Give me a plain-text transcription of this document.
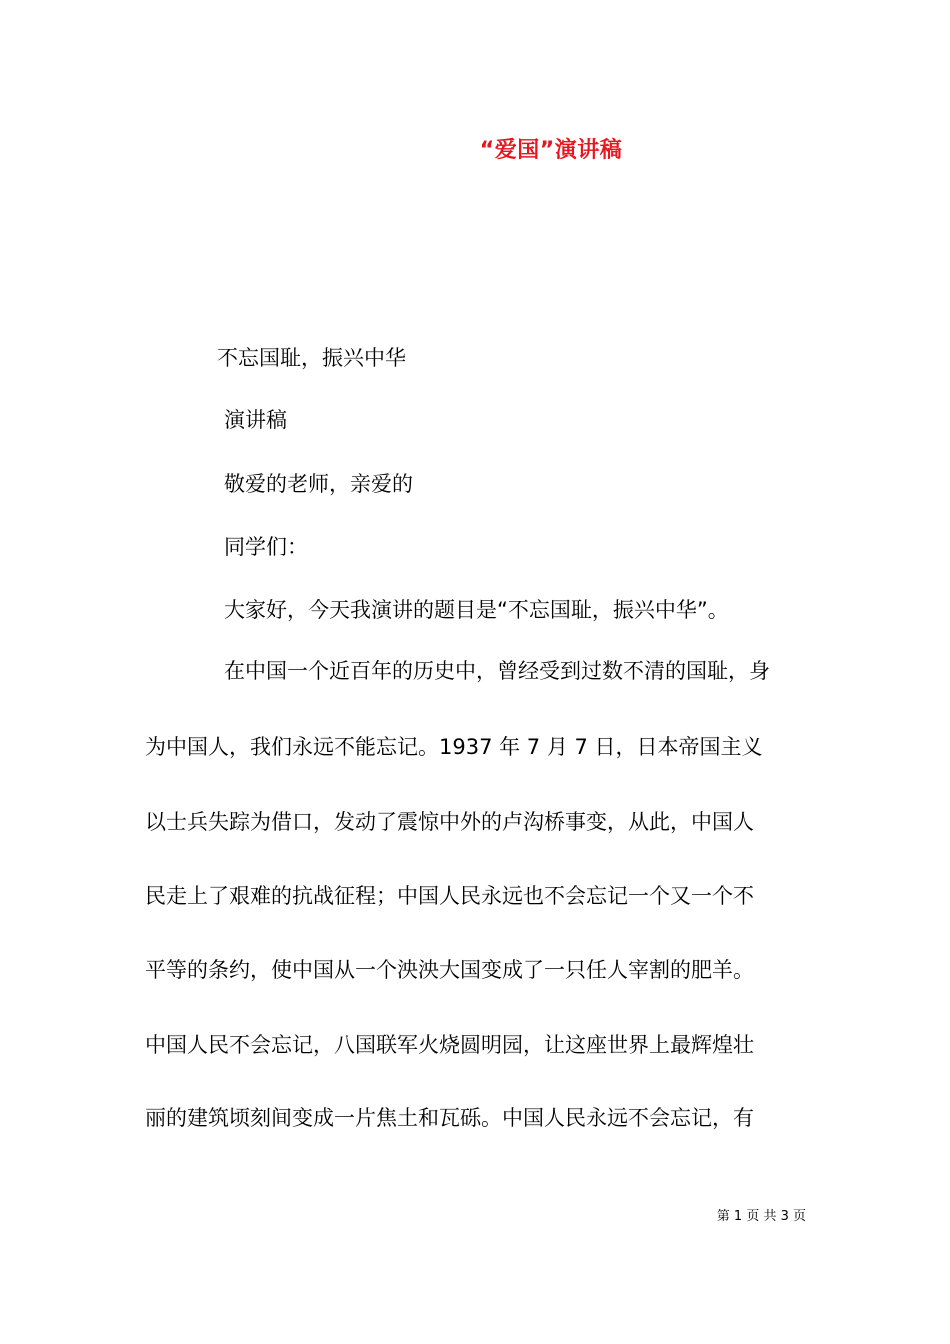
“爱国”演讲稿
不忘国耻，振兴中华
演讲稿
敬爱的老师，亲爱的
同学们：
大家好，今天我演讲的题目是“不忘国耻，振兴中华”。
在中国一个近百年的历史中，曾经受到过数不清的国耻，身
为中国人，我们永远不能忘记。1937 年 7 月 7 日，日本帝国主义
以士兵失踪为借口，发动了震惊中外的卢沟桥事变，从此，中国人
民走上了艰难的抗战征程；中国人民永远也不会忘记一个又一个不
平等的条约，使中国从一个泱泱大国变成了一只任人宰割的肥羊。
中国人民不会忘记，八国联军火烧圆明园，让这座世界上最辉煌壮
丽的建筑顷刻间变成一片焦土和瓦砾。中国人民永远不会忘记，有
第 1 页 共 3 页
